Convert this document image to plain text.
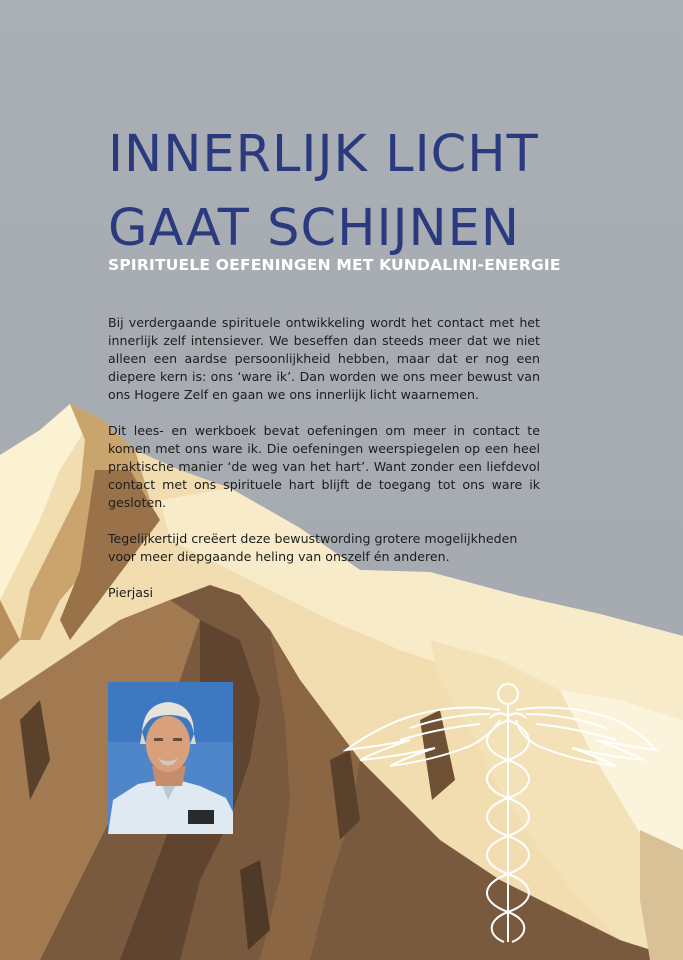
INNERLIJK LICHT
GAAT SCHIJNEN
SPIRITUELE OEFENINGEN MET KUNDALINI-ENERGIE

Bij verdergaande spirituele ontwikkeling wordt het contact met het innerlijk zelf intensiever. We beseffen dan steeds meer dat we niet alleen een aardse persoonlijkheid hebben, maar dat er nog een diepere kern is: ons ‘ware ik’. Dan worden we ons meer bewust van ons Hogere Zelf en gaan we ons innerlijk licht waarnemen.

Dit lees- en werkboek bevat oefeningen om meer in contact te komen met ons ware ik. Die oefeningen weerspiegelen op een heel praktische manier ‘de weg van het hart’. Want zonder een liefdevol contact met ons spirituele hart blijft de toegang tot ons ware ik gesloten.

Tegelijkertijd creëert deze bewustwording grotere mogelijkheden voor meer diepgaande heling van onszelf én anderen.

Pierjasi
